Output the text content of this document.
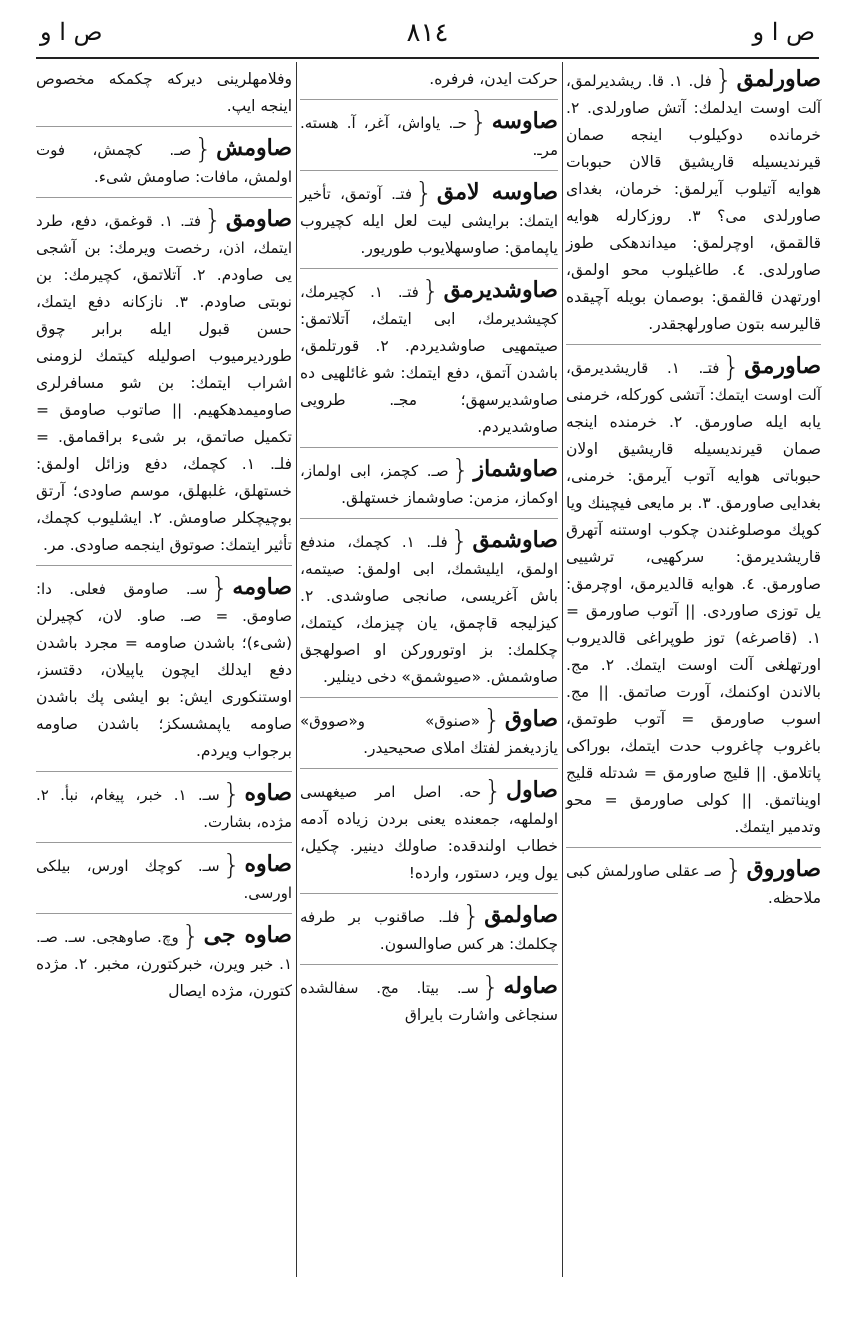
ص ا و
٨١٤
ص ا و
صاورلمق{فل. ۱. قا. ریشدیرلمق، آلت اوست ایدلمك: آتش صاورلدی. ۲. خرمانده دوكیلوب اینجه صمان قیرندیسیله قاریشیق قالان حبوبات هوایه آتیلوب آیرلمق: خرمان، بغدای صاورلدی می؟ ۳. روزكارله هوایه قالقمق، اوچرلمق: میداندهكی طوز صاورلدی. ٤. طاغیلوب محو اولمق، اورتهدن قالقمق: بوصمان بویله آچیقده قالیرسه بتون صاورلهجقدر.
صاورمق{فتـ. ۱. قاریشدیرمق، آلت اوست ایتمك: آتشی كوركله، خرمنی یابه ایله صاورمق. ۲. خرمنده اینجه صمان قیرندیسیله قاریشیق اولان حبوباتی هوایه آتوب آیرمق: خرمنی، بغدایی صاورمق. ۳. بر مایعی فیچینك ویا كوپك موصلوغندن چكوب اوستنه آتهرق قاریشدیرمق: سركهیی، ترشییی صاورمق. ٤. هوایه قالدیرمق، اوچرمق: یل توزی صاوردی. || آتوب صاورمق = ۱. (قاصرغه) توز طوپراغی قالدیروب اورتهلغی آلت اوست ایتمك. ۲. مج. بالاندن اوكنمك، آورت صاتمق. || مج. اسوب صاورمق = آتوب طوتمق، باغروب چاغروب حدت ایتمك، بوراكی پاتلامق. || قلیج صاورمق = شدتله قلیج اویناتمق. || كولی صاورمق = محو وتدمیر ایتمك.
صاوروق{صـ عقلی صاورلمش كبی ملاحظه.
حركت ایدن، فرفره.
صاوسه{حـ. یاواش، آغر، آ. هسته. مرـ.
صاوسه لامق{فتـ. آوتمق، تأخیر ایتمك: برایشی لیت لعل ایله كچیروب یاپمامق: صاوسهلایوب طوریور.
صاوشدیرمق{فتـ. ۱. كچیرمك، كچیشدیرمك، ابی ایتمك، آتلاتمق: صیتمهیی صاوشدیردم. ۲. قورتلمق، باشدن آتمق، دفع ایتمك: شو غائلهیی ده صاوشدیرسهق؛ مجـ. طرویی صاوشدیردم.
صاوشماز{صـ. كچمز، ابی اولماز، اوكماز، مزمن: صاوشماز خستهلق.
صاوشمق{فلـ. ۱. كچمك، مندفع اولمق، ایلیشمك، ابی اولمق: صیتمه، باش آغریسی، صانجی صاوشدی. ۲. كیزلیجه قاچمق، یان چیزمك، كیتمك، چكلمك: بز اوتوروركن او اصولهجق صاوشمش. «صیوشمق» دخی دینلیر.
صاوق{«صنوق» و«صووق» یازدیغمز لفتك املای صحیحیدر.
صاول{حه. اصل امر صیغهسی اولملهه، جمعنده یعنی بردن زیاده آدمه خطاب اولندقده: صاولك دینیر. چكیل، یول ویر، دستور، وارده!
صاولمق{فلـ. صاقنوب بر طرفه چكلمك: هر كس صاوالسون.
صاوله{سـ. بیتا. مج. سفالشده سنجاغی واشارت بایراق
وفلامهلرینی دیركه چكمكه مخصوص اینجه ایپ.
صاومش{صـ. كچمش، فوت اولمش، مافات: صاومش شیء.
صاومق{فتـ. ۱. قوغمق، دفع، طرد ایتمك، اذن، رخصت ویرمك: بن آشجی یی صاودم. ۲. آتلاتمق، كچیرمك: بن نوبتی صاودم. ۳. نازكانه دفع ایتمك، حسن قبول ایله برابر چوق طوردیرمیوب اصولیله كیتمك لزومنی اشراب ایتمك: بن شو مسافرلری صاومیمدهكهیم. || صاتوب صاومق = تكمیل صاتمق، بر شیء براقمامق. = فلـ. ۱. كچمك، دفع وزائل اولمق: خستهلق، غلبهلق، موسم صاودی؛ آرتق بوچیچكلر صاومش. ۲. ایشلیوب كچمك، تأثیر ایتمك: صوتوق اینجمه صاودی. مر.
صاومه{سـ. صاومق فعلی. دا: صاومق. = صـ. صاو. لان، كچیرلن (شیء)؛ باشدن صاومه = مجرد باشدن دفع ایدلك ایچون یاپیلان، دقتسز، اوستنكوری ایش: بو ایشی پك باشدن صاومه یاپمشسكز؛ باشدن صاومه برجواب ویردم.
صاوه{سـ. ۱. خبر، پیغام، نبأ. ۲. مژده، بشارت.
صاوه{سـ. كوچك اورس، بیلكی اورسی.
صاوه جی{وچ. صاوهجی. سـ. صـ. ۱. خبر ویرن، خبركتورن، مخبر. ۲. مژده كتورن، مژده ایصال
